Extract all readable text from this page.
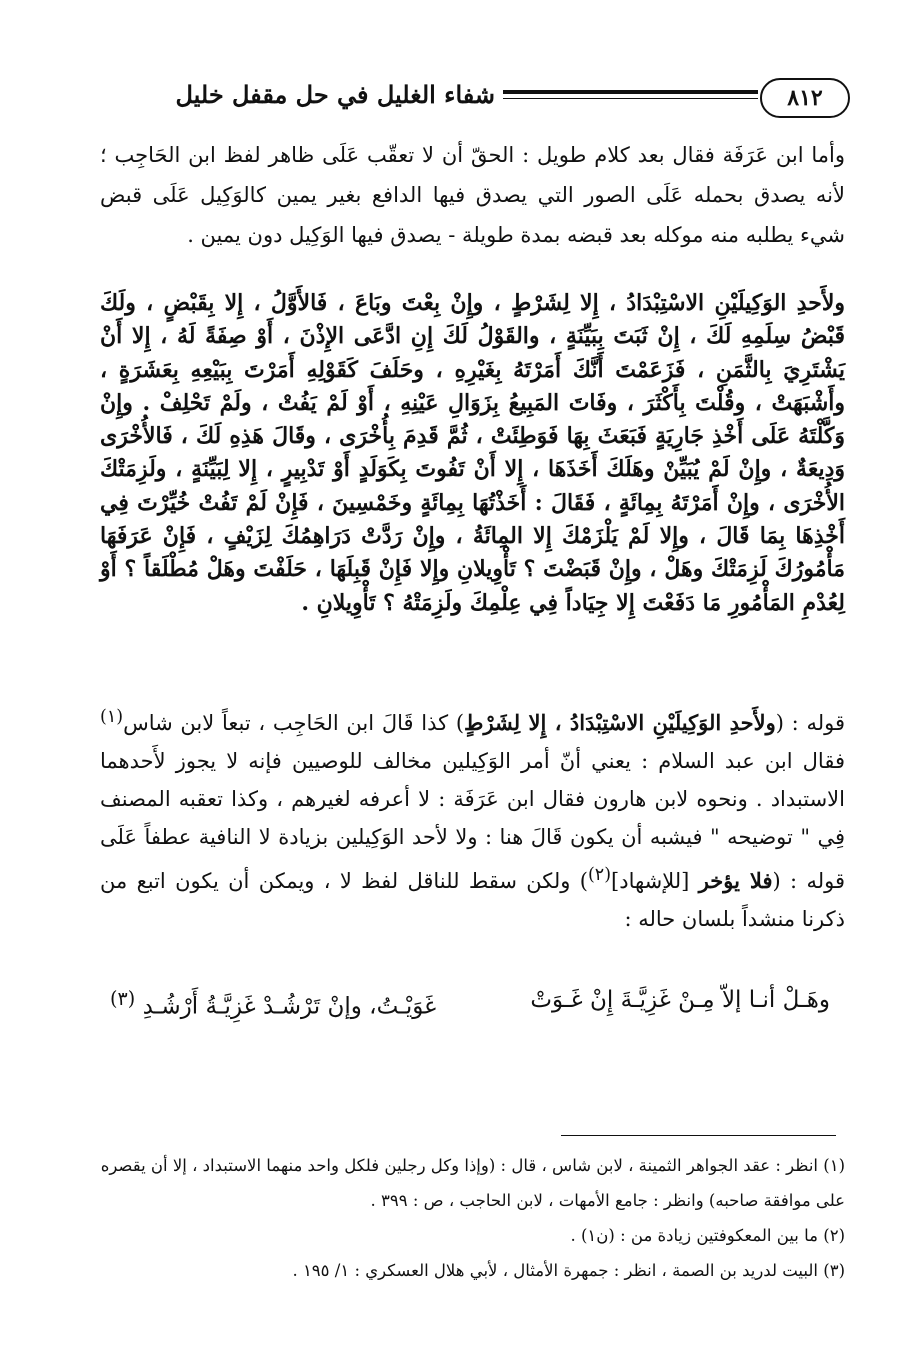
٨١٢
شفاء الغليل في حل مقفل خليل
وأما ابن عَرَفَة فقال بعد كلام طويل : الحقّ أن لا تعقّب عَلَى ظاهر لفظ ابن الحَاجِب ؛ لأنه يصدق بحمله عَلَى الصور التي يصدق فيها الدافع بغير يمين كالوَكِيل عَلَى قبض شيء يطلبه منه موكله بعد قبضه بمدة طويلة - يصدق فيها الوَكِيل دون يمين .
ولأَحدِ الوَكِيلَيْنِ الاسْتِبْدَادُ ، إِلا لِشَرْطٍ ، وإِنْ بِعْتَ وبَاعَ ، فَالأَوَّلُ ، إِلا بِقَبْضٍ ، ولَكَ قَبْضُ سِلَمِهِ لَكَ ، إِنْ ثَبَتَ بِبَيِّنَةٍ ، والقَوْلُ لَكَ إِنِ ادَّعَى الإِذْنَ ، أَوْ صِفَةً لَهُ ، إِلا أَنْ يَشْتَرِيَ بِالثَّمَنِ ، فَزَعَمْتَ أَنَّكَ أَمَرْتَهُ بِغَيْرِهِ ، وحَلَفَ كَقَوْلِهِ أَمَرْتَ بِبَيْعِهِ بِعَشَرَةٍ ، وأَشْبَهَتْ ، وقُلْتَ بِأَكْثَرَ ، وفَاتَ المَبِيعُ بِزَوَالِ عَيْنِهِ ، أَوْ لَمْ يَفُتْ ، ولَمْ تَحْلِفْ . وإِنْ وَكَّلْتَهُ عَلَى أَخْذِ جَارِيَةٍ فَبَعَثَ بِهَا فَوَطِئَتْ ، ثُمَّ قَدِمَ بِأُخْرَى ، وقَالَ هَذِهِ لَكَ ، فَالأُخْرَى وَدِيعَةٌ ، وإِنْ لَمْ يُبَيِّنْ وهَلَكَ أَخَذَهَا ، إِلا أَنْ تَفُوتَ بِكَوَلَدٍ أَوْ تَدْبِيرٍ ، إِلا لِبَيِّنَةٍ ، ولَزِمَتْكَ الأُخْرَى ، وإِنْ أَمَرْتَهُ بِمِائَةٍ ، فَقَالَ : أَخَذْتُهَا بِمِائَةٍ وخَمْسِينَ ، فَإِنْ لَمْ تَفُتْ خُيِّرْتَ فِي أَخْذِهَا بِمَا قَالَ ، وإِلا لَمْ يَلْزَمْكَ إِلا المِائَةُ ، وإِنْ رَدَّتْ دَرَاهِمُكَ لِزَيْفٍ ، فَإِنْ عَرَفَهَا مَأْمُورُكَ لَزِمَتْكَ وهَلْ ، وإِنْ قَبَضْتَ ؟ تَأْوِيلانِ وإِلا فَإِنْ قَبِلَهَا ، حَلَفْتَ وهَلْ مُطْلَقاً ؟ أَوْ لِعُدْمِ المَأْمُورِ مَا دَفَعْتَ إِلا جِيَاداً فِي عِلْمِكَ ولَزِمَتْهُ ؟ تَأْوِيلانِ .
قوله : (ولأَحدِ الوَكِيلَيْنِ الاسْتِبْدَادُ ، إِلا لِشَرْطٍ) كذا قَالَ ابن الحَاجِب ، تبعاً لابن شاس$^{(١)}$ فقال ابن عبد السلام : يعني أنّ أمر الوَكِيلين مخالف للوصيين فإنه لا يجوز لأَحدهما الاستبداد . ونحوه لابن هارون فقال ابن عَرَفَة : لا أعرفه لغيرهم ، وكذا تعقبه المصنف فِي " توضيحه " فيشبه أن يكون قَالَ هنا : ولا لأحد الوَكِيلين بزيادة لا النافية عطفاً عَلَى قوله : (فلا يؤخر [للإشهاد]$^{(٢)}$) ولكن سقط للناقل لفظ لا ، ويمكن أن يكون اتبع من ذكرنا منشداً بلسان حاله :
وهَـلْ أنـا إلاّ مِـنْ غَزِيَّـةَ إِنْ غَـوَتْ
غَوَيْـتُ، وإنْ تَرْشُـدْ غَزِيَّـةُ أَرْشُـدِ $^{(٣)}$

(١) انظر : عقد الجواهر الثمينة ، لابن شاس ، قال : (وإذا وكل رجلين فلكل واحد منهما الاستبداد ، إلا أن يقصره على موافقة صاحبه) وانظر : جامع الأمهات ، لابن الحاجب ، ص : ٣٩٩ .

(٢) ما بين المعكوفتين زيادة من : (ن١) .

(٣) البيت لدريد بن الصمة ، انظر : جمهرة الأمثال ، لأبي هلال العسكري : ١/ ١٩٥ .
